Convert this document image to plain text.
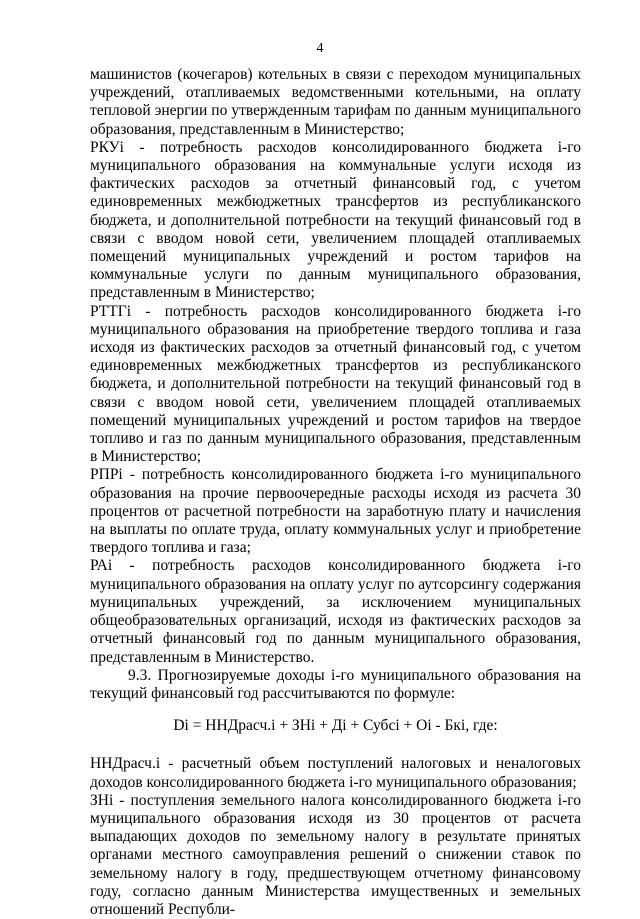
4

машинистов (кочегаров) котельных в связи с переходом муниципальных учреждений, отапливаемых ведомственными котельными, на оплату тепловой энергии по утвержденным тарифам по данным муниципального образования, представленным в Министерство;

РКУi - потребность расходов консолидированного бюджета i-го муниципального образования на коммунальные услуги исходя из фактических расходов за отчетный финансовый год, с учетом единовременных межбюджетных трансфертов из республиканского бюджета, и дополнительной потребности на текущий финансовый год в связи с вводом новой сети, увеличением площадей отапливаемых помещений муниципальных учреждений и ростом тарифов на коммунальные услуги по данным муниципального образования, представленным в Министерство;

РТТГi - потребность расходов консолидированного бюджета i-го муниципального образования на приобретение твердого топлива и газа исходя из фактических расходов за отчетный финансовый год, с учетом единовременных межбюджетных трансфертов из республиканского бюджета, и дополнительной потребности на текущий финансовый год в связи с вводом новой сети, увеличением площадей отапливаемых помещений муниципальных учреждений и ростом тарифов на твердое топливо и газ по данным муниципального образования, представленным в Министерство;

РПРi - потребность консолидированного бюджета i-го муниципального образования на прочие первоочередные расходы исходя из расчета 30 процентов от расчетной потребности на заработную плату и начисления на выплаты по оплате труда, оплату коммунальных услуг и приобретение твердого топлива и газа;

РАi - потребность расходов консолидированного бюджета i-го муниципального образования на оплату услуг по аутсорсингу содержания муниципальных учреждений, за исключением муниципальных общеобразовательных организаций, исходя из фактических расходов за отчетный финансовый год по данным муниципального образования, представленным в Министерство.

9.3. Прогнозируемые доходы i-го муниципального образования на текущий финансовый год рассчитываются по формуле:

Di = ННДрасч.i + ЗНi + Дi + Субсi + Оi - Бкi, где:

ННДрасч.i - расчетный объем поступлений налоговых и неналоговых доходов консолидированного бюджета i-го муниципального образования;

ЗНi - поступления земельного налога консолидированного бюджета i-го муниципального образования исходя из 30 процентов от расчета выпадающих доходов по земельному налогу в результате принятых органами местного самоуправления решений о снижении ставок по земельному налогу в году, предшествующем отчетному финансовому году, согласно данным Министерства имущественных и земельных отношений Республи-
